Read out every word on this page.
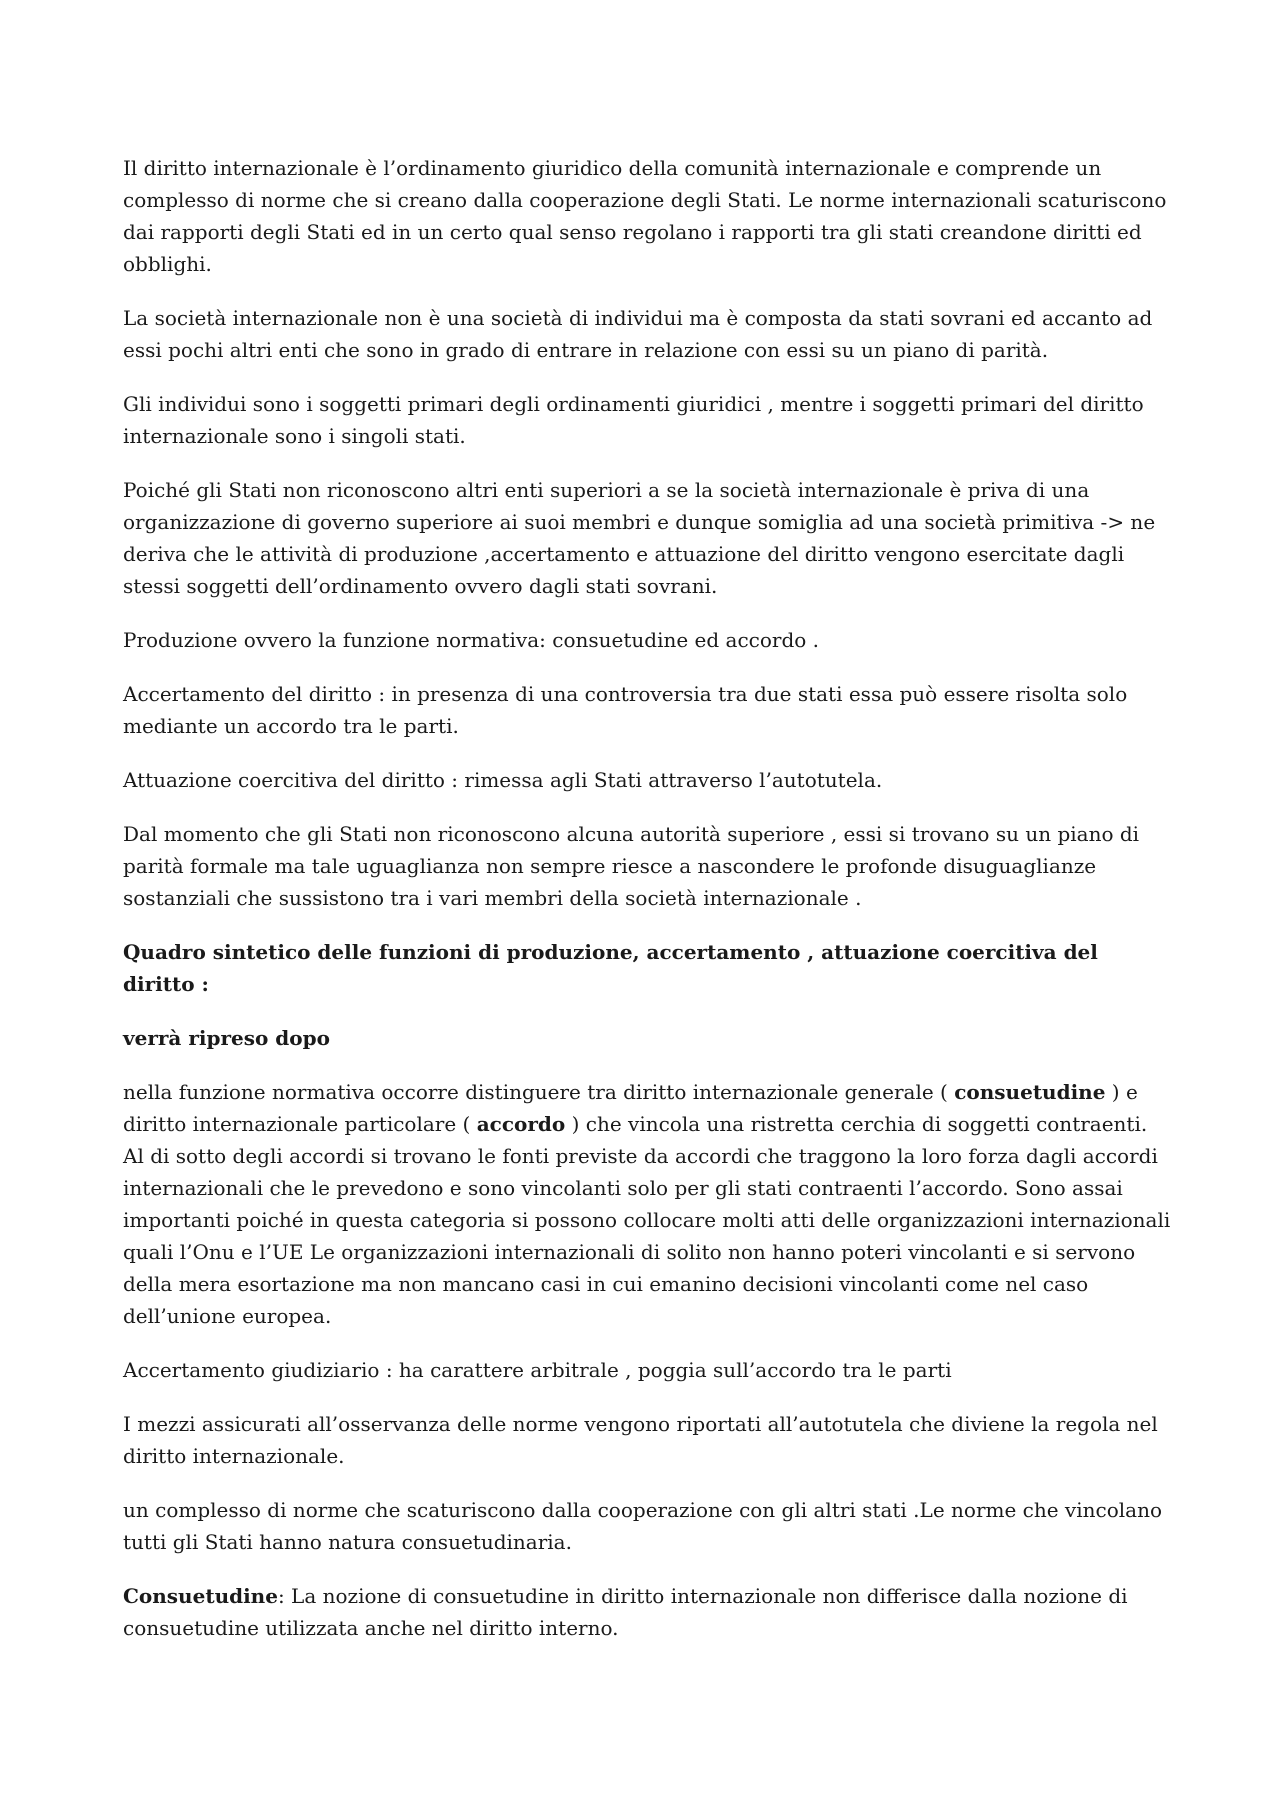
Il diritto internazionale è l’ordinamento giuridico della comunità internazionale e comprende un complesso di norme che si creano dalla cooperazione degli Stati. Le norme internazionali scaturiscono dai rapporti degli Stati ed in un certo qual senso regolano i rapporti tra gli stati creandone diritti ed obblighi.

La società internazionale non è una società di individui ma è composta da stati sovrani ed accanto ad essi pochi altri enti che sono in grado di entrare in relazione con essi su un piano di parità.

Gli individui sono i soggetti primari degli ordinamenti giuridici , mentre i soggetti primari del diritto internazionale sono i singoli stati.

Poiché gli Stati non riconoscono altri enti superiori a se la società internazionale è priva di una organizzazione di governo superiore ai suoi membri e dunque somiglia ad una società primitiva -> ne deriva che le attività di produzione ,accertamento e attuazione del diritto vengono esercitate dagli stessi soggetti dell’ordinamento ovvero dagli stati sovrani.

Produzione ovvero la funzione normativa: consuetudine ed accordo .

Accertamento del diritto : in presenza di una controversia tra due stati essa può essere risolta solo mediante un accordo tra le parti.

Attuazione coercitiva del diritto : rimessa agli Stati attraverso l’autotutela.

Dal momento che gli Stati non riconoscono alcuna autorità superiore , essi si trovano su un piano di parità formale ma tale uguaglianza non sempre riesce a nascondere le profonde disuguaglianze sostanziali che sussistono tra i vari membri della società internazionale .

Quadro sintetico delle funzioni di produzione, accertamento , attuazione coercitiva del diritto :

verrà ripreso dopo

nella funzione normativa occorre distinguere tra diritto internazionale generale ( consuetudine ) e diritto internazionale particolare ( accordo ) che vincola una ristretta cerchia di soggetti contraenti. Al di sotto degli accordi si trovano le fonti previste da accordi che traggono la loro forza dagli accordi internazionali che le prevedono e sono vincolanti solo per gli stati contraenti l’accordo. Sono assai importanti poiché in questa categoria si possono collocare molti atti delle organizzazioni internazionali quali l’Onu e l’UE Le organizzazioni internazionali di solito non hanno poteri vincolanti e si servono della mera esortazione ma non mancano casi in cui emanino decisioni vincolanti come nel caso dell’unione europea.

Accertamento giudiziario : ha carattere arbitrale , poggia sull’accordo tra le parti

I mezzi assicurati all’osservanza delle norme vengono riportati all’autotutela che diviene la regola nel diritto internazionale.

un complesso di norme che scaturiscono dalla cooperazione con gli altri stati .Le norme che vincolano tutti gli Stati hanno natura consuetudinaria.

Consuetudine: La nozione di consuetudine in diritto internazionale non differisce dalla nozione di consuetudine utilizzata anche nel diritto interno.
